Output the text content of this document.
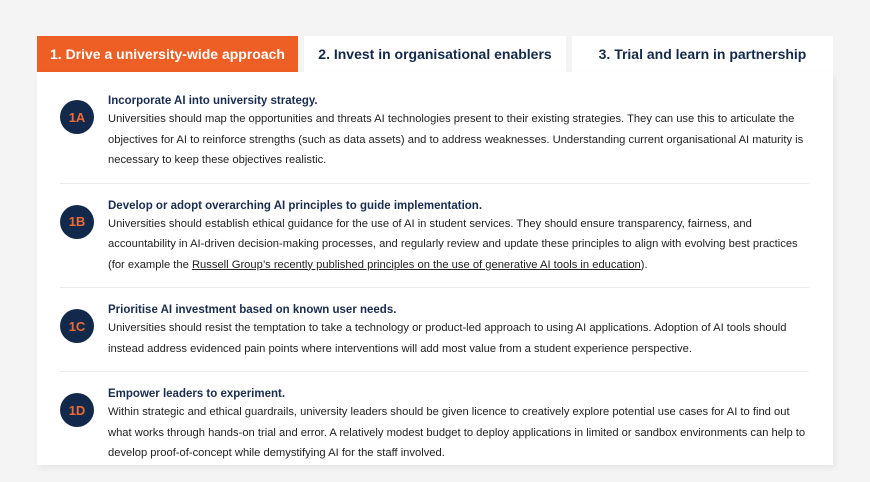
1. Drive a university-wide approach	2. Invest in organisational enablers	3. Trial and learn in partnership
1A
Incorporate AI into university strategy.
Universities should map the opportunities and threats AI technologies present to their existing strategies. They can use this to articulate the objectives for AI to reinforce strengths (such as data assets) and to address weaknesses. Understanding current organisational AI maturity is necessary to keep these objectives realistic.
1B
Develop or adopt overarching AI principles to guide implementation.
Universities should establish ethical guidance for the use of AI in student services. They should ensure transparency, fairness, and accountability in AI-driven decision-making processes, and regularly review and update these principles to align with evolving best practices (for example the Russell Group’s recently published principles on the use of generative AI tools in education).
1C
Prioritise AI investment based on known user needs.
Universities should resist the temptation to take a technology or product-led approach to using AI applications. Adoption of AI tools should instead address evidenced pain points where interventions will add most value from a student experience perspective.
1D
Empower leaders to experiment.
Within strategic and ethical guardrails, university leaders should be given licence to creatively explore potential use cases for AI to find out what works through hands-on trial and error. A relatively modest budget to deploy applications in limited or sandbox environments can help to develop proof-of-concept while demystifying AI for the staff involved.
